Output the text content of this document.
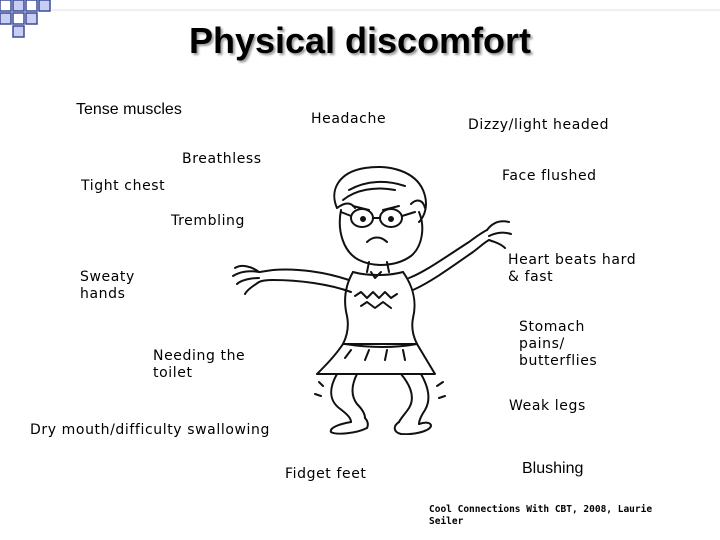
Physical discomfort
Tense muscles
Headache	Dizzy/light headed
Breathless
Face flushed
Tight chest
Trembling
Heart beats hard
& fast
Sweaty
hands
Stomach
pains/
butterflies
Needing the
toilet
Weak legs
Dry mouth/difficulty swallowing
Fidget feet	Blushing
Cool Connections With CBT, 2008, Laurie
Seiler
